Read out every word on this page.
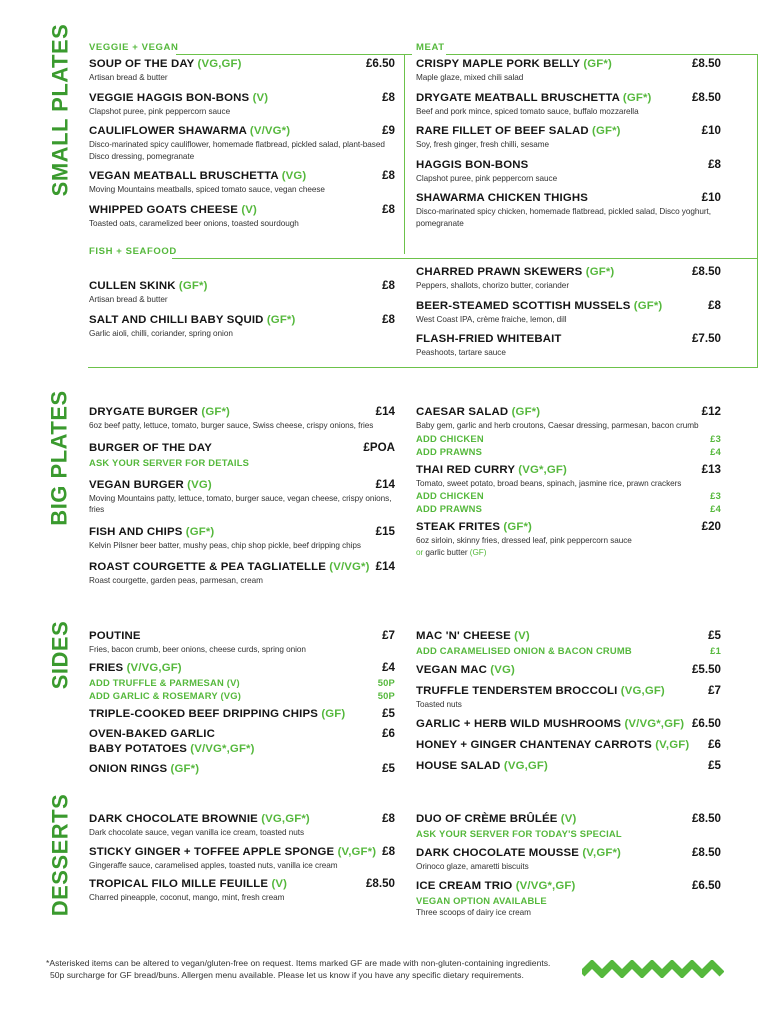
SMALL PLATES
BIG PLATES
SIDES
DESSERTS
VEGGIE + VEGAN
SOUP OF THE DAY (VG,GF)	£6.50
Artisan bread & butter
VEGGIE HAGGIS BON-BONS (V)	£8
Clapshot puree, pink peppercorn sauce
CAULIFLOWER SHAWARMA (V/VG*)	£9
Disco-marinated spicy cauliflower, homemade flatbread, pickled salad, plant-based Disco dressing, pomegranate
VEGAN MEATBALL BRUSCHETTA (VG)	£8
Moving Mountains meatballs, spiced tomato sauce, vegan cheese
WHIPPED GOATS CHEESE (V)	£8
Toasted oats, caramelized beer onions, toasted sourdough
MEAT
CRISPY MAPLE PORK BELLY (GF*)	£8.50
Maple glaze, mixed chili salad
DRYGATE MEATBALL BRUSCHETTA (GF*)	£8.50
Beef and pork mince, spiced tomato sauce, buffalo mozzarella
RARE FILLET OF BEEF SALAD (GF*)	£10
Soy, fresh ginger, fresh chilli, sesame
HAGGIS BON-BONS	£8
Clapshot puree, pink peppercorn sauce
SHAWARMA CHICKEN THIGHS	£10
Disco-marinated spicy chicken, homemade flatbread, pickled salad, Disco yoghurt, pomegranate
FISH + SEAFOOD
CULLEN SKINK (GF*)	£8
Artisan bread & butter
SALT AND CHILLI BABY SQUID (GF*)	£8
Garlic aioli, chilli, coriander, spring onion
CHARRED PRAWN SKEWERS (GF*)	£8.50
Peppers, shallots, chorizo butter, coriander
BEER-STEAMED SCOTTISH MUSSELS (GF*)	£8
West Coast IPA, crème fraiche, lemon, dill
FLASH-FRIED WHITEBAIT	£7.50
Peashoots, tartare sauce
DRYGATE BURGER (GF*)	£14
6oz beef patty, lettuce, tomato, burger sauce, Swiss cheese, crispy onions, fries
BURGER OF THE DAY	£POA
ASK YOUR SERVER FOR DETAILS
VEGAN BURGER (VG)	£14
Moving Mountains patty, lettuce, tomato, burger sauce, vegan cheese, crispy onions, fries
FISH AND CHIPS (GF*)	£15
Kelvin Pilsner beer batter, mushy peas, chip shop pickle, beef dripping chips
ROAST COURGETTE & PEA TAGLIATELLE (V/VG*) £14
Roast courgette, garden peas, parmesan, cream
CAESAR SALAD (GF*)	£12
Baby gem, garlic and herb croutons, Caesar dressing, parmesan, bacon crumb
ADD CHICKEN	£3
ADD PRAWNS	£4
THAI RED CURRY (VG*,GF)	£13
Tomato, sweet potato, broad beans, spinach, jasmine rice, prawn crackers
ADD CHICKEN	£3
ADD PRAWNS	£4
STEAK FRITES (GF*)	£20
6oz sirloin, skinny fries, dressed leaf, pink peppercorn sauce
or garlic butter (GF)
POUTINE	£7
Fries, bacon crumb, beer onions, cheese curds, spring onion
FRIES (V/VG,GF)	£4
ADD TRUFFLE & PARMESAN (V)	50P
ADD GARLIC & ROSEMARY (VG)	50P
TRIPLE-COOKED BEEF DRIPPING CHIPS (GF)	£5
OVEN-BAKED GARLIC	£6
BABY POTATOES (V/VG*,GF*)
ONION RINGS (GF*)	£5
MAC 'N' CHEESE (V)	£5
ADD CARAMELISED ONION & BACON CRUMB	£1
VEGAN MAC (VG)	£5.50
TRUFFLE TENDERSTEM BROCCOLI (VG,GF)	£7
Toasted nuts
GARLIC + HERB WILD MUSHROOMS (V/VG*,GF) £6.50
HONEY + GINGER CHANTENAY CARROTS (V,GF) £6
HOUSE SALAD (VG,GF)	£5
DARK CHOCOLATE BROWNIE (VG,GF*)	£8
Dark chocolate sauce, vegan vanilla ice cream, toasted nuts
STICKY GINGER + TOFFEE APPLE SPONGE (V,GF*) £8
Gingeraffe sauce, caramelised apples, toasted nuts, vanilla ice cream
TROPICAL FILO MILLE FEUILLE (V)	£8.50
Charred pineapple, coconut, mango, mint, fresh cream
DUO OF CRÈME BRÛLÉE (V)	£8.50
ASK YOUR SERVER FOR TODAY'S SPECIAL
DARK CHOCOLATE MOUSSE (V,GF*)	£8.50
Orinoco glaze, amaretti biscuits
ICE CREAM TRIO (V/VG*,GF)	£6.50
VEGAN OPTION AVAILABLE
Three scoops of dairy ice cream
*Asterisked items can be altered to vegan/gluten-free on request. Items marked GF are made with non-gluten-containing ingredients.
50p surcharge for GF bread/buns. Allergen menu available. Please let us know if you have any specific dietary requirements.
